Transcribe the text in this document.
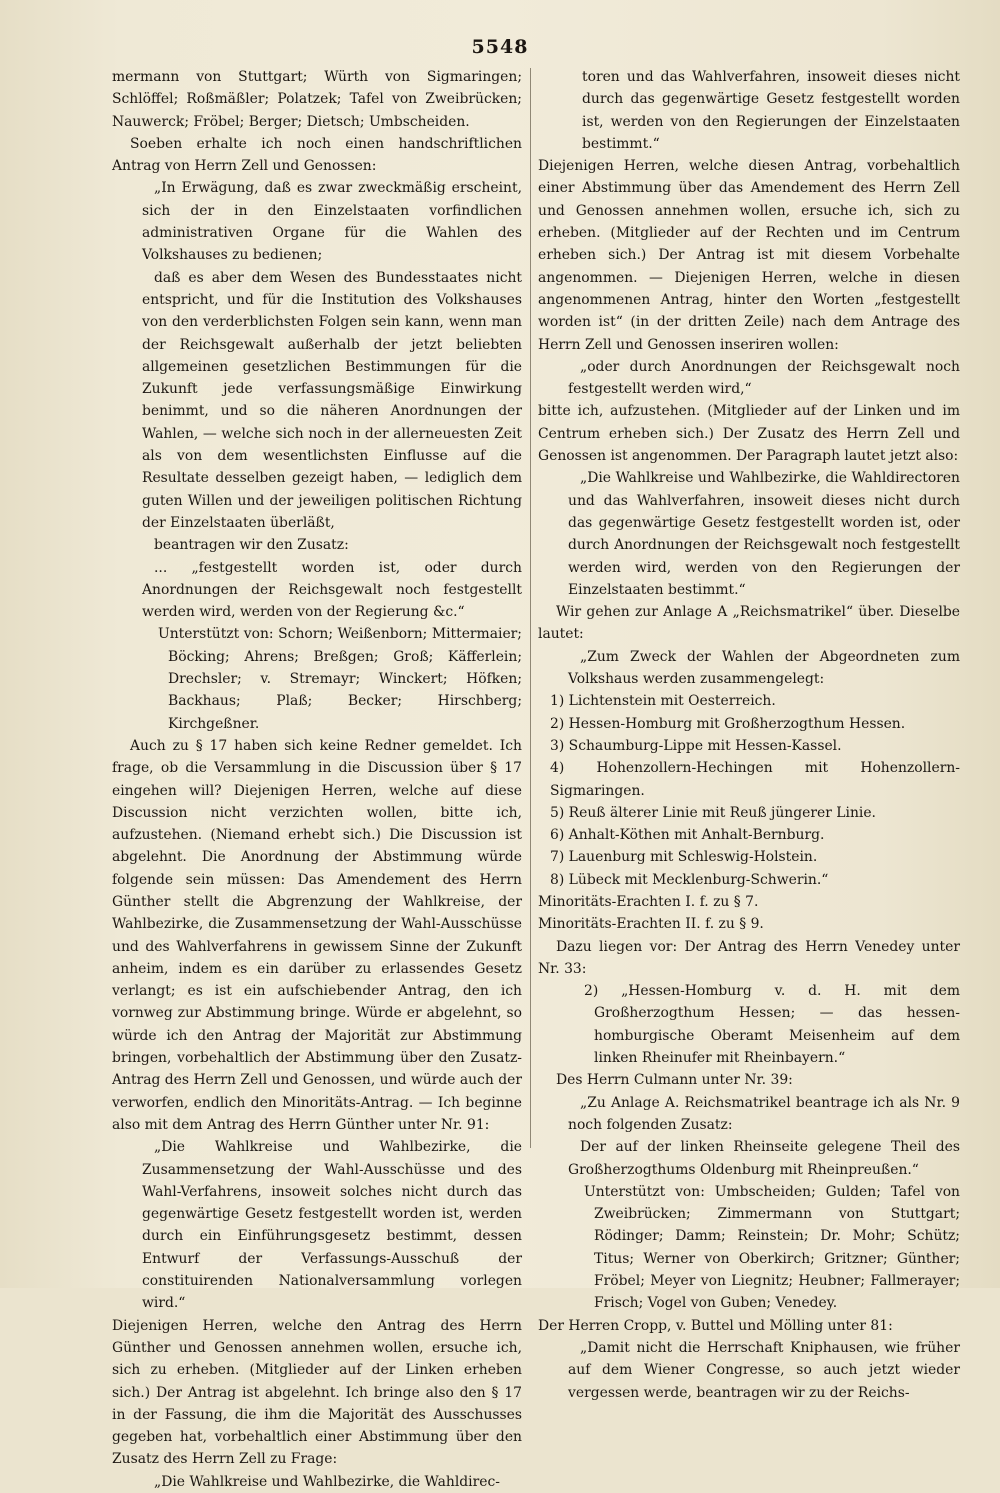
5548

mermann von Stuttgart; Würth von Sigmaringen; Schlöffel; Roßmäßler; Polatzek; Tafel von Zweibrücken; Nauwerck; Fröbel; Berger; Dietsch; Umbscheiden.

Soeben erhalte ich noch einen handschriftlichen Antrag von Herrn Zell und Genossen:

„In Erwägung, daß es zwar zweckmäßig erscheint, sich der in den Einzelstaaten vorfindlichen administrativen Organe für die Wahlen des Volkshauses zu bedienen;

daß es aber dem Wesen des Bundesstaates nicht entspricht, und für die Institution des Volkshauses von den verderblichsten Folgen sein kann, wenn man der Reichsgewalt außerhalb der jetzt beliebten allgemeinen gesetzlichen Bestimmungen für die Zukunft jede verfassungsmäßige Einwirkung benimmt, und so die näheren Anordnungen der Wahlen, — welche sich noch in der allerneuesten Zeit als von dem wesentlichsten Einflusse auf die Resultate desselben gezeigt haben, — lediglich dem guten Willen und der jeweiligen politischen Richtung der Einzelstaaten überläßt,

beantragen wir den Zusatz:

... „festgestellt worden ist, oder durch Anordnungen der Reichsgewalt noch festgestellt werden wird, werden von der Regierung &c.“

Unterstützt von: Schorn; Weißenborn; Mittermaier; Böcking; Ahrens; Breßgen; Groß; Käfferlein; Drechsler; v. Stremayr; Winckert; Höfken; Backhaus; Plaß; Becker; Hirschberg; Kirchgeßner.

Auch zu § 17 haben sich keine Redner gemeldet. Ich frage, ob die Versammlung in die Discussion über § 17 eingehen will? Diejenigen Herren, welche auf diese Discussion nicht verzichten wollen, bitte ich, aufzustehen. (Niemand erhebt sich.) Die Discussion ist abgelehnt. Die Anordnung der Abstimmung würde folgende sein müssen: Das Amendement des Herrn Günther stellt die Abgrenzung der Wahlkreise, der Wahlbezirke, die Zusammensetzung der Wahl-Ausschüsse und des Wahlverfahrens in gewissem Sinne der Zukunft anheim, indem es ein darüber zu erlassendes Gesetz verlangt; es ist ein aufschiebender Antrag, den ich vornweg zur Abstimmung bringe. Würde er abgelehnt, so würde ich den Antrag der Majorität zur Abstimmung bringen, vorbehaltlich der Abstimmung über den Zusatz-Antrag des Herrn Zell und Genossen, und würde auch der verworfen, endlich den Minoritäts-Antrag. — Ich beginne also mit dem Antrag des Herrn Günther unter Nr. 91:

„Die Wahlkreise und Wahlbezirke, die Zusammensetzung der Wahl-Ausschüsse und des Wahl-Verfahrens, insoweit solches nicht durch das gegenwärtige Gesetz festgestellt worden ist, werden durch ein Einführungsgesetz bestimmt, dessen Entwurf der Verfassungs-Ausschuß der constituirenden Nationalversammlung vorlegen wird.“

Diejenigen Herren, welche den Antrag des Herrn Günther und Genossen annehmen wollen, ersuche ich, sich zu erheben. (Mitglieder auf der Linken erheben sich.) Der Antrag ist abgelehnt. Ich bringe also den § 17 in der Fassung, die ihm die Majorität des Ausschusses gegeben hat, vorbehaltlich einer Abstimmung über den Zusatz des Herrn Zell zu Frage:

„Die Wahlkreise und Wahlbezirke, die Wahldirec-

toren und das Wahlverfahren, insoweit dieses nicht durch das gegenwärtige Gesetz festgestellt worden ist, werden von den Regierungen der Einzelstaaten bestimmt.“

Diejenigen Herren, welche diesen Antrag, vorbehaltlich einer Abstimmung über das Amendement des Herrn Zell und Genossen annehmen wollen, ersuche ich, sich zu erheben. (Mitglieder auf der Rechten und im Centrum erheben sich.) Der Antrag ist mit diesem Vorbehalte angenommen. — Diejenigen Herren, welche in diesen angenommenen Antrag, hinter den Worten „festgestellt worden ist“ (in der dritten Zeile) nach dem Antrage des Herrn Zell und Genossen inseriren wollen:

„oder durch Anordnungen der Reichsgewalt noch festgestellt werden wird,“

bitte ich, aufzustehen. (Mitglieder auf der Linken und im Centrum erheben sich.) Der Zusatz des Herrn Zell und Genossen ist angenommen. Der Paragraph lautet jetzt also:

„Die Wahlkreise und Wahlbezirke, die Wahldirectoren und das Wahlverfahren, insoweit dieses nicht durch das gegenwärtige Gesetz festgestellt worden ist, oder durch Anordnungen der Reichsgewalt noch festgestellt werden wird, werden von den Regierungen der Einzelstaaten bestimmt.“

Wir gehen zur Anlage A „Reichsmatrikel“ über. Dieselbe lautet:

„Zum Zweck der Wahlen der Abgeordneten zum Volkshaus werden zusammengelegt:

1) Lichtenstein mit Oesterreich.

2) Hessen-Homburg mit Großherzogthum Hessen.

3) Schaumburg-Lippe mit Hessen-Kassel.

4) Hohenzollern-Hechingen mit Hohenzollern-Sigmaringen.

5) Reuß älterer Linie mit Reuß jüngerer Linie.

6) Anhalt-Köthen mit Anhalt-Bernburg.

7) Lauenburg mit Schleswig-Holstein.

8) Lübeck mit Mecklenburg-Schwerin.“

Minoritäts-Erachten I. f. zu § 7.

Minoritäts-Erachten II. f. zu § 9.

Dazu liegen vor: Der Antrag des Herrn Venedey unter Nr. 33:

2) „Hessen-Homburg v. d. H. mit dem Großherzogthum Hessen; — das hessen-homburgische Oberamt Meisenheim auf dem linken Rheinufer mit Rheinbayern.“

Des Herrn Culmann unter Nr. 39:

„Zu Anlage A. Reichsmatrikel beantrage ich als Nr. 9 noch folgenden Zusatz:

Der auf der linken Rheinseite gelegene Theil des Großherzogthums Oldenburg mit Rheinpreußen.“

Unterstützt von: Umbscheiden; Gulden; Tafel von Zweibrücken; Zimmermann von Stuttgart; Rödinger; Damm; Reinstein; Dr. Mohr; Schütz; Titus; Werner von Oberkirch; Gritzner; Günther; Fröbel; Meyer von Liegnitz; Heubner; Fallmerayer; Frisch; Vogel von Guben; Venedey.

Der Herren Cropp, v. Buttel und Mölling unter 81:

„Damit nicht die Herrschaft Kniphausen, wie früher auf dem Wiener Congresse, so auch jetzt wieder vergessen werde, beantragen wir zu der Reichs-
